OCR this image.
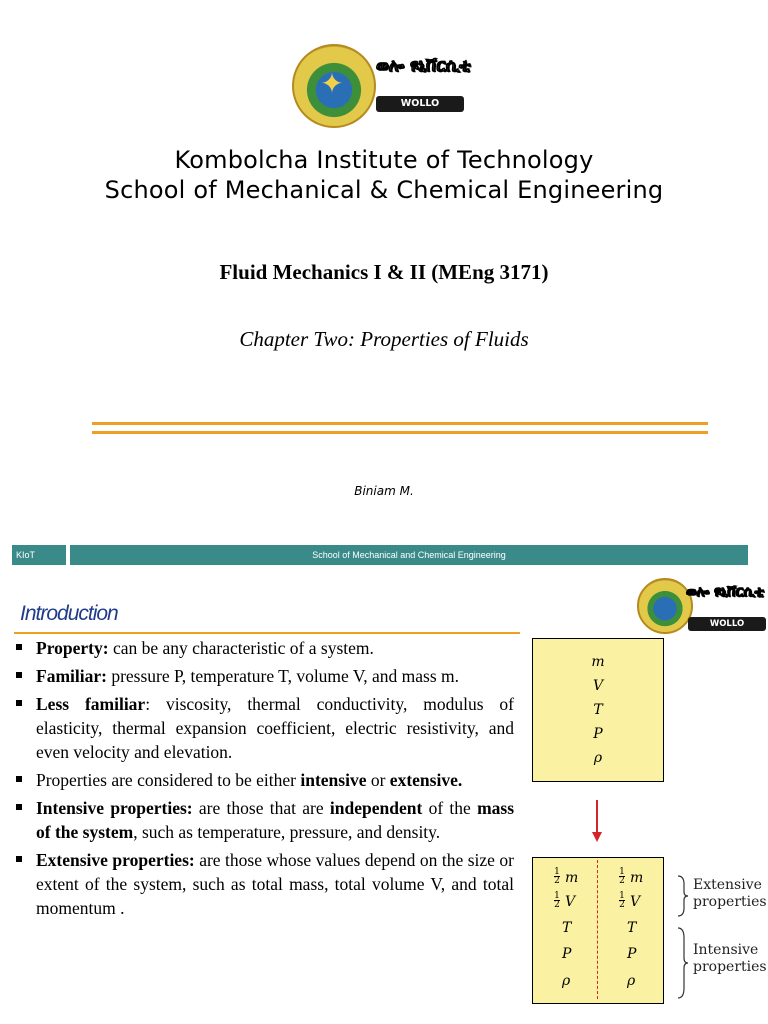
✦
ወሎ ዩኒቨርሲቲ
WOLLO UNIVERSITY
Kombolcha Institute of Technology
School of Mechanical & Chemical Engineering
Fluid Mechanics I & II (MEng 3171)
Chapter Two: Properties of Fluids
Biniam M.
KIoT	School of Mechanical and Chemical Engineering
ወሎ ዩኒቨርሲቲ
WOLLO UNIVERSITY
Introduction
Property: can be any characteristic of a system.
Familiar: pressure P, temperature T, volume V, and mass m.
Less familiar: viscosity, thermal conductivity, modulus of elasticity, thermal expansion coefficient, electric resistivity, and even velocity and elevation.
Properties are considered to be either intensive or extensive.
Intensive properties: are those that are independent of the mass of the system, such as temperature, pressure, and density.
Extensive properties: are those whose values depend on the size or extent of the system, such as total mass, total volume V, and total momentum .
m
V
T
P
ρ
1
2 m
1
2 V
T
P
ρ
1
2 m
1
2 V
T
P
ρ
Extensive
properties
Intensive
properties
